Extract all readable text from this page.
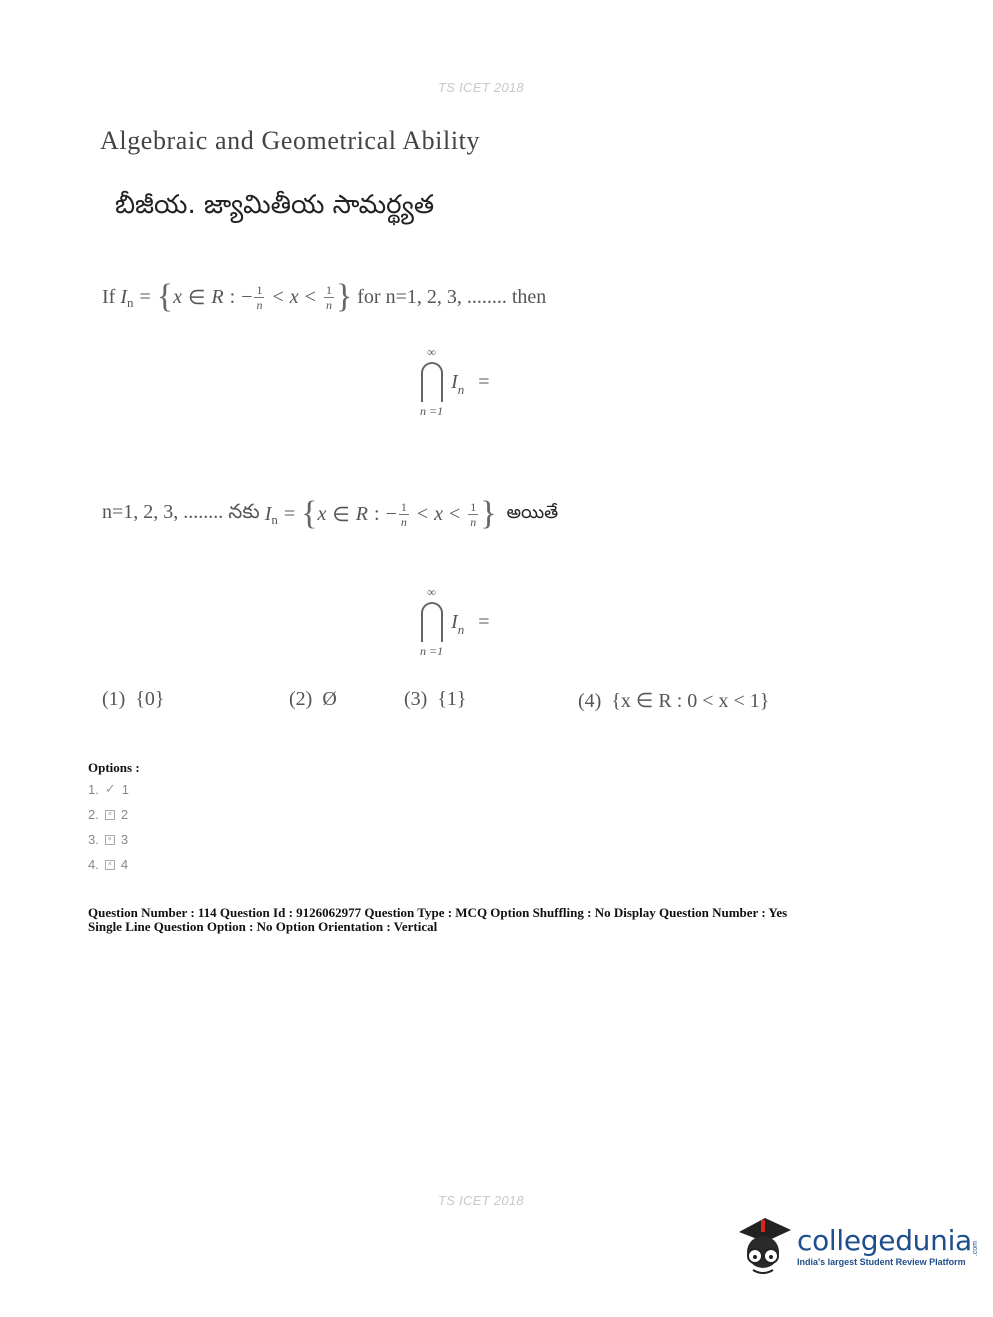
TS ICET 2018
Algebraic and Geometrical Ability
బీజీయ. జ్యామితీయ సామర్థ్యత
If
I n = { x ∈ R : − $\frac{1}{n} < x < \frac{1}{n}$ }
for n=1, 2, 3, ........ then
∞
n =1
$I_n$ =
n=1, 2, 3, ........ నకు
I n = { x ∈ R : − $\frac{1}{n} < x < \frac{1}{n}$ }
అయితే
∞
n =1
$I_n$ =
(1) {0}	(2) Ø	(3) {1}	(4) {x ∈ R : 0 < x < 1}
Options :
1. ✓ 1
2.	× 2
3.	× 3
4.	× 4
Question Number : 114 Question Id : 9126062977 Question Type : MCQ Option Shuffling : No Display Question Number : Yes
Single Line Question Option : No Option Orientation : Vertical
TS ICET 2018
collegedunia .com
India's largest Student Review Platform
